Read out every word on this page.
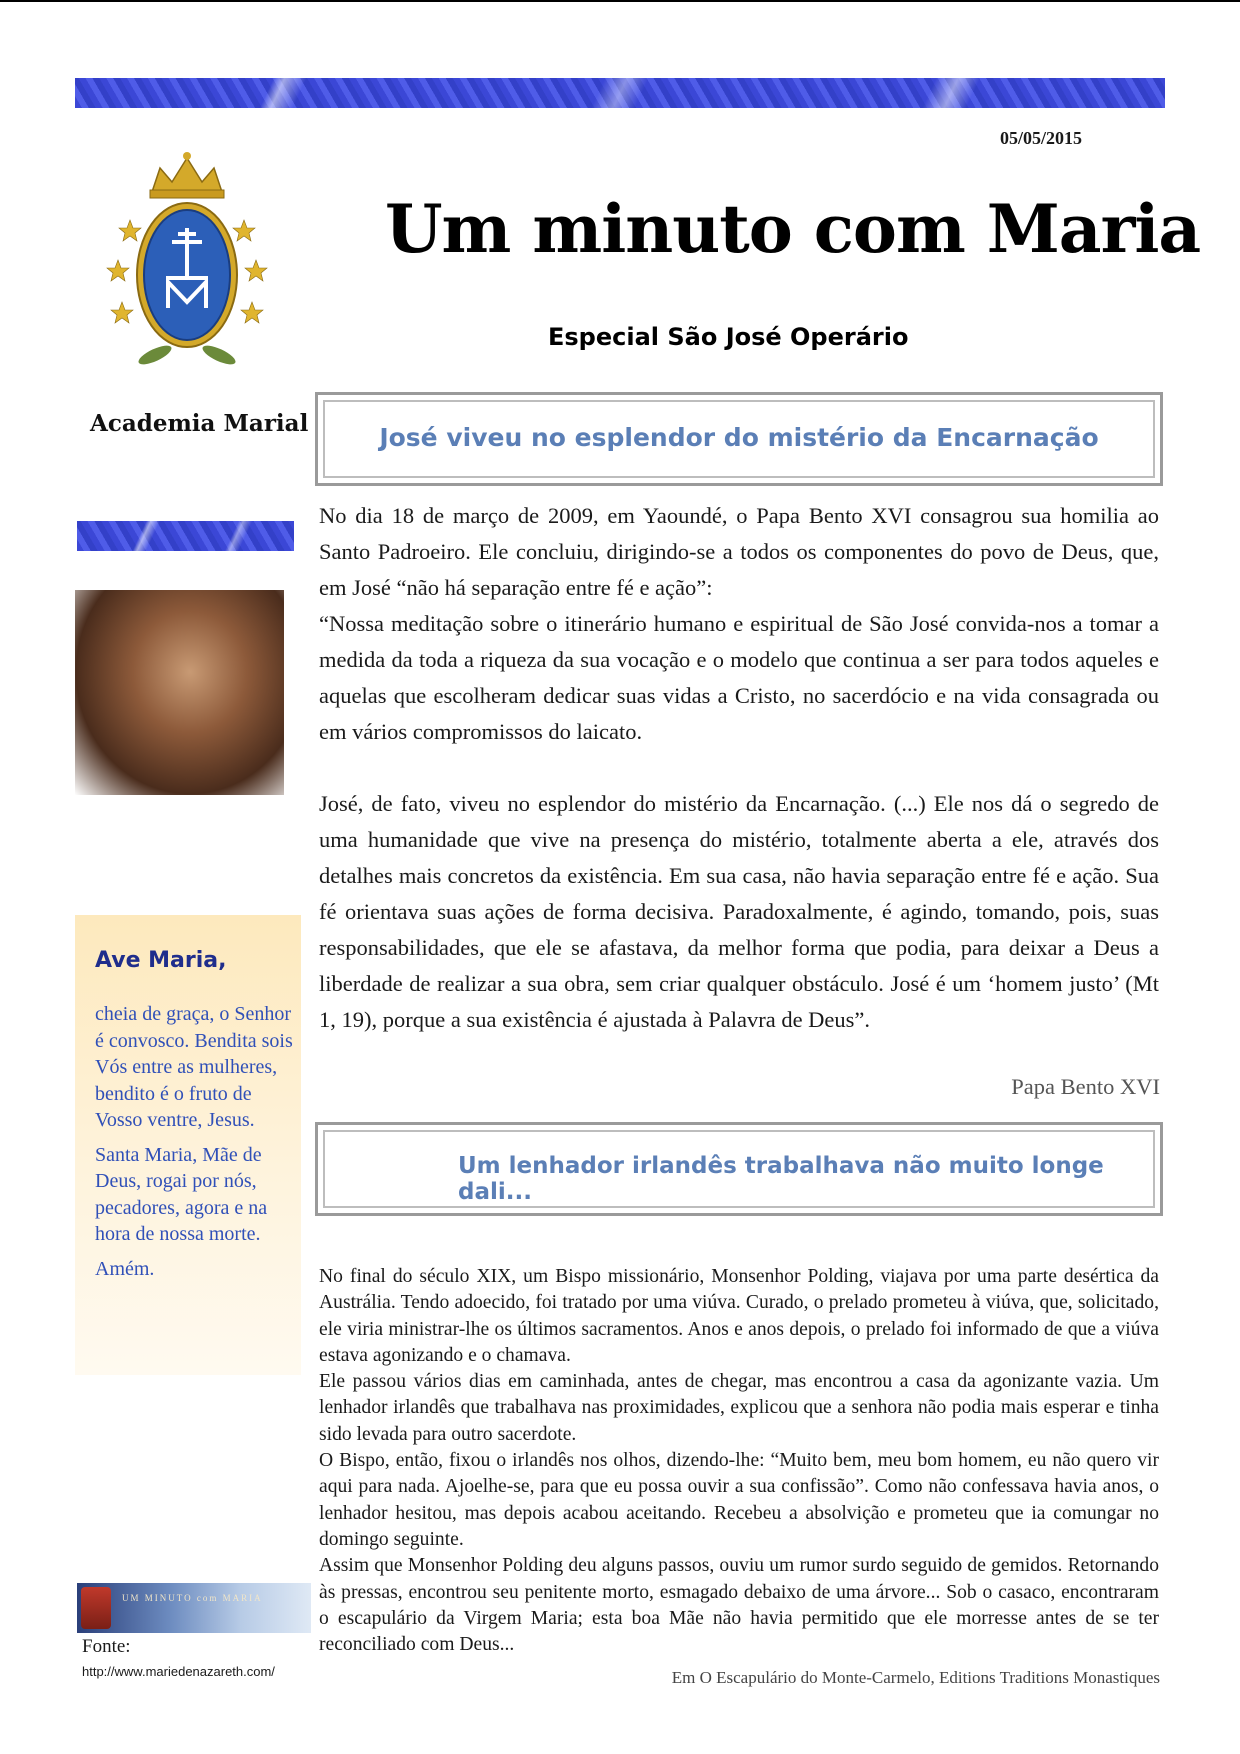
05/05/2015
Academia Marial
Um minuto com Maria
Especial São José Operário
José viveu no esplendor do mistério da Encarnação

No dia 18 de março de 2009, em Yaoundé, o Papa Bento XVI consagrou sua homilia ao Santo Padroeiro. Ele concluiu, dirigindo-se a todos os componentes do povo de Deus, que, em José “não há separação entre fé e ação”:

“Nossa meditação sobre o itinerário humano e espiritual de São José convida-nos a tomar a medida da toda a riqueza da sua vocação e o modelo que continua a ser para todos aqueles e aquelas que escolheram dedicar suas vidas a Cristo, no sacerdócio e na vida consagrada ou em vários compromissos do laicato.

José, de fato, viveu no esplendor do mistério da Encarnação. (...) Ele nos dá o segredo de uma humanidade que vive na presença do mistério, totalmente aberta a ele, através dos detalhes mais concretos da existência. Em sua casa, não havia separação entre fé e ação. Sua fé orientava suas ações de forma decisiva. Paradoxalmente, é agindo, tomando, pois, suas responsabilidades, que ele se afastava, da melhor forma que podia, para deixar a Deus a liberdade de realizar a sua obra, sem criar qualquer obstáculo. José é um ‘homem justo’ (Mt 1, 19), porque a sua existência é ajustada à Palavra de Deus”.

Papa Bento XVI
Um lenhador irlandês trabalhava não muito longe dali...

No final do século XIX, um Bispo missionário, Monsenhor Polding, viajava por uma parte desértica da Austrália. Tendo adoecido, foi tratado por uma viúva. Curado, o prelado prometeu à viúva, que, solicitado, ele viria ministrar-lhe os últimos sacramentos. Anos e anos depois, o prelado foi informado de que a viúva estava agonizando e o chamava.

Ele passou vários dias em caminhada, antes de chegar, mas encontrou a casa da agonizante vazia. Um lenhador irlandês que trabalhava nas proximidades, explicou que a senhora não podia mais esperar e tinha sido levada para outro sacerdote.

O Bispo, então, fixou o irlandês nos olhos, dizendo-lhe: “Muito bem, meu bom homem, eu não quero vir aqui para nada. Ajoelhe-se, para que eu possa ouvir a sua confissão”. Como não confessava havia anos, o lenhador hesitou, mas depois acabou aceitando. Recebeu a absolvição e prometeu que ia comungar no domingo seguinte.

Assim que Monsenhor Polding deu alguns passos, ouviu um rumor surdo seguido de gemidos. Retornando às pressas, encontrou seu penitente morto, esmagado debaixo de uma árvore... Sob o casaco, encontraram o escapulário da Virgem Maria; esta boa Mãe não havia permitido que ele morresse antes de se ter reconciliado com Deus...

Em O Escapulário do Monte-Carmelo, Editions Traditions Monastiques
Ave Maria,

cheia de graça, o Senhor é convosco. Bendita sois Vós entre as mulheres, bendito é o fruto de Vosso ventre, Jesus.

Santa Maria, Mãe de Deus, rogai por nós, pecadores, agora e na hora de nossa morte.

Amém.

UM MINUTO com MARIA
Fonte:
http://www.mariedenazareth.com/
